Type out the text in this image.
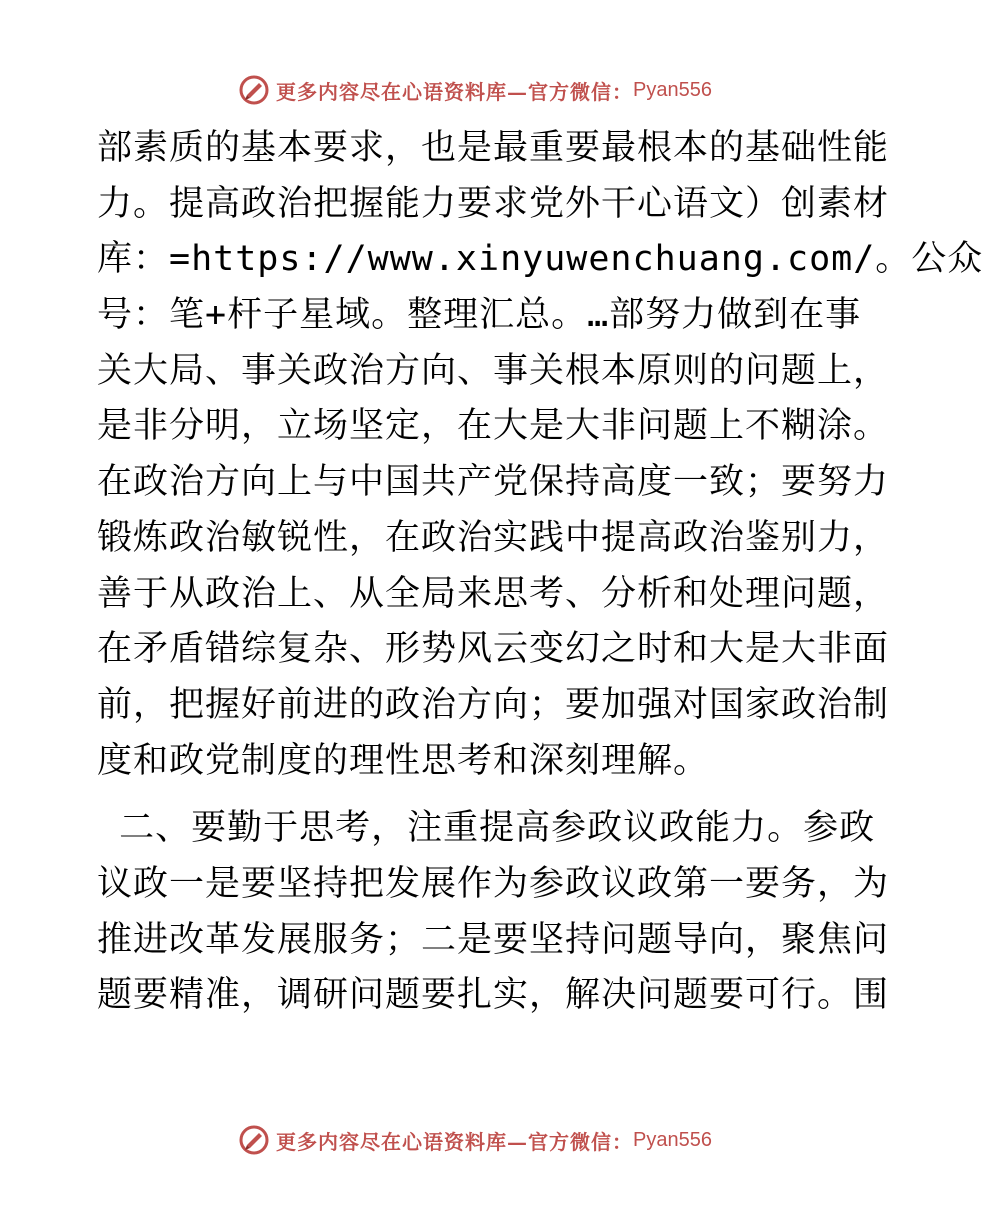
更多内容尽在心语资料库—官方微信： Pyan556
部素质的基本要求，也是最重要最根本的基础性能
力。提高政治把握能力要求党外干心语文）创素材
库：=https://www.xinyuwenchuang.com/。公众
号：笔+杆子星域。整理汇总。…部努力做到在事
关大局、事关政治方向、事关根本原则的问题上，
是非分明，立场坚定，在大是大非问题上不糊涂。
在政治方向上与中国共产党保持高度一致；要努力
锻炼政治敏锐性，在政治实践中提高政治鉴别力，
善于从政治上、从全局来思考、分析和处理问题，
在矛盾错综复杂、形势风云变幻之时和大是大非面
前，把握好前进的政治方向；要加强对国家政治制
度和政党制度的理性思考和深刻理解。
二、要勤于思考，注重提高参政议政能力。参政
议政一是要坚持把发展作为参政议政第一要务，为
推进改革发展服务；二是要坚持问题导向，聚焦问
题要精准，调研问题要扎实，解决问题要可行。围
更多内容尽在心语资料库—官方微信： Pyan556
